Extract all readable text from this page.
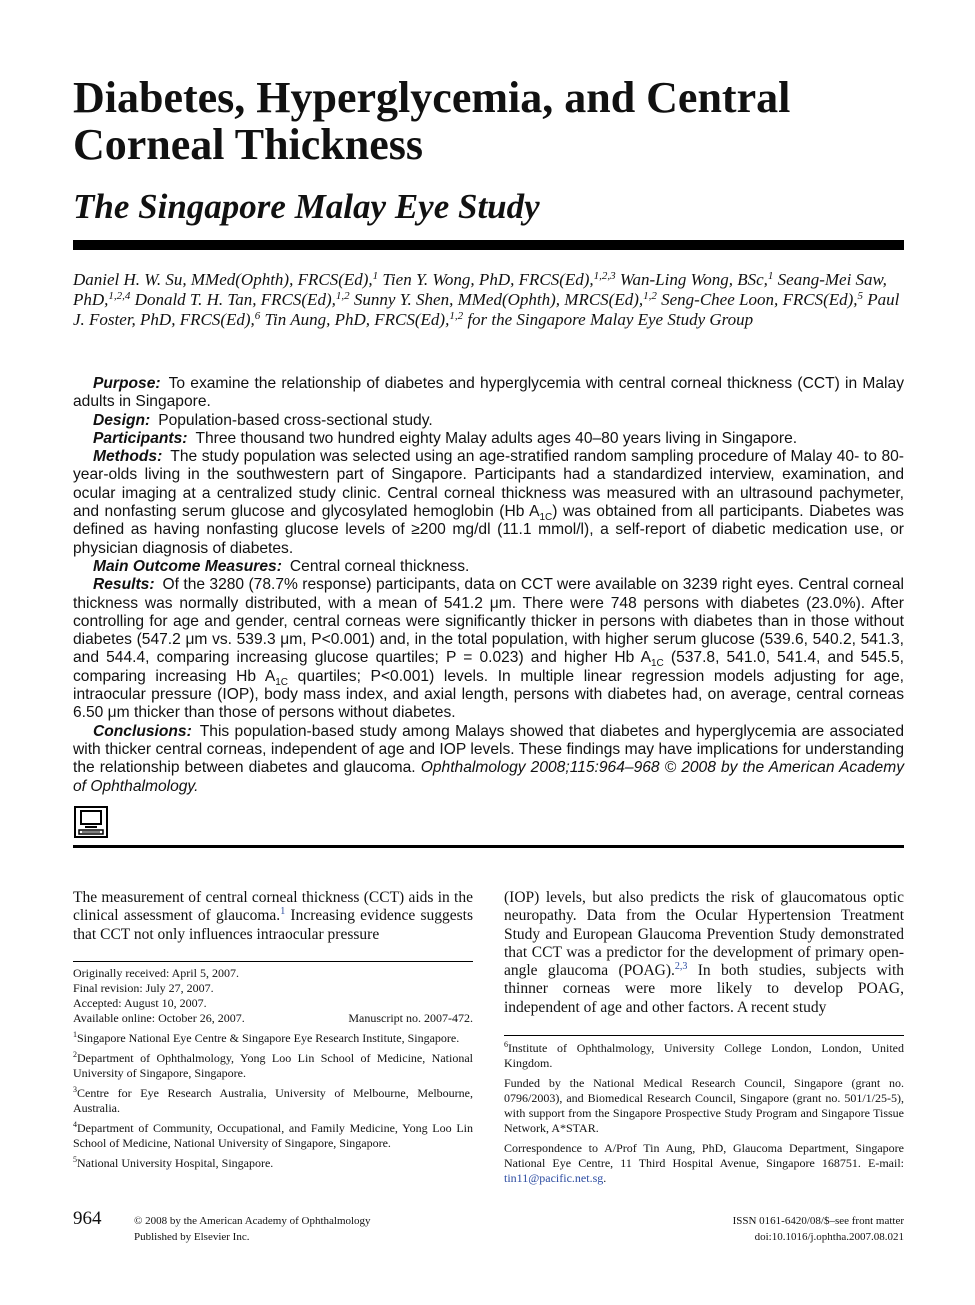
Diabetes, Hyperglycemia, and Central Corneal Thickness
The Singapore Malay Eye Study
Daniel H. W. Su, MMed(Ophth), FRCS(Ed),$^1$ Tien Y. Wong, PhD, FRCS(Ed),$^{1,2,3}$ Wan-Ling Wong, BSc,$^1$ Seang-Mei Saw, PhD,$^{1,2,4}$ Donald T. H. Tan, FRCS(Ed),$^{1,2}$ Sunny Y. Shen, MMed(Ophth), MRCS(Ed),$^{1,2}$ Seng-Chee Loon, FRCS(Ed),$^5$ Paul J. Foster, PhD, FRCS(Ed),$^6$ Tin Aung, PhD, FRCS(Ed),$^{1,2}$ for the Singapore Malay Eye Study Group

Purpose: To examine the relationship of diabetes and hyperglycemia with central corneal thickness (CCT) in Malay adults in Singapore.

Design: Population-based cross-sectional study.

Participants: Three thousand two hundred eighty Malay adults ages 40–80 years living in Singapore.

Methods: The study population was selected using an age-stratified random sampling procedure of Malay 40- to 80-year-olds living in the southwestern part of Singapore. Participants had a standardized interview, examination, and ocular imaging at a centralized study clinic. Central corneal thickness was measured with an ultrasound pachymeter, and nonfasting serum glucose and glycosylated hemoglobin (Hb $A_{1C}$) was obtained from all participants. Diabetes was defined as having nonfasting glucose levels of ≥200 mg/dl (11.1 mmol/l), a self-report of diabetic medication use, or physician diagnosis of diabetes.

Main Outcome Measures: Central corneal thickness.

Results: Of the 3280 (78.7% response) participants, data on CCT were available on 3239 right eyes. Central corneal thickness was normally distributed, with a mean of 541.2 μm. There were 748 persons with diabetes (23.0%). After controlling for age and gender, central corneas were significantly thicker in persons with diabetes than in those without diabetes (547.2 μm vs. 539.3 μm, P<0.001) and, in the total population, with higher serum glucose (539.6, 540.2, 541.3, and 544.4, comparing increasing glucose quartiles; P = 0.023) and higher Hb $A_{1C}$ (537.8, 541.0, 541.4, and 545.5, comparing increasing Hb $A_{1C}$ quartiles; P<0.001) levels. In multiple linear regression models adjusting for age, intraocular pressure (IOP), body mass index, and axial length, persons with diabetes had, on average, central corneas 6.50 μm thicker than those of persons without diabetes.

Conclusions: This population-based study among Malays showed that diabetes and hyperglycemia are associated with thicker central corneas, independent of age and IOP levels. These findings may have implications for understanding the relationship between diabetes and glaucoma. Ophthalmology 2008;115:964–968 © 2008 by the American Academy of Ophthalmology.

The measurement of central corneal thickness (CCT) aids in the clinical assessment of glaucoma.$^1$ Increasing evidence suggests that CCT not only influences intraocular pressure
(IOP) levels, but also predicts the risk of glaucomatous optic neuropathy. Data from the Ocular Hypertension Treatment Study and European Glaucoma Prevention Study demonstrated that CCT was a predictor for the development of primary open-angle glaucoma (POAG).$^{2,3}$ In both studies, subjects with thinner corneas were more likely to develop POAG, independent of age and other factors. A recent study

Originally received: April 5, 2007.

Final revision: July 27, 2007.

Accepted: August 10, 2007.

Available online: October 26, 2007.	Manuscript no. 2007-472.

$^1$Singapore National Eye Centre & Singapore Eye Research Institute, Singapore.

$^2$Department of Ophthalmology, Yong Loo Lin School of Medicine, National University of Singapore, Singapore.

$^3$Centre for Eye Research Australia, University of Melbourne, Melbourne, Australia.

$^4$Department of Community, Occupational, and Family Medicine, Yong Loo Lin School of Medicine, National University of Singapore, Singapore.

$^5$National University Hospital, Singapore.

$^6$Institute of Ophthalmology, University College London, London, United Kingdom.

Funded by the National Medical Research Council, Singapore (grant no. 0796/2003), and Biomedical Research Council, Singapore (grant no. 501/1/25-5), with support from the Singapore Prospective Study Program and Singapore Tissue Network, A*STAR.

Correspondence to A/Prof Tin Aung, PhD, Glaucoma Department, Singapore National Eye Centre, 11 Third Hospital Avenue, Singapore 168751. E-mail: tin11@pacific.net.sg.

964	© 2008 by the American Academy of Ophthalmology
Published by Elsevier Inc.
ISSN 0161-6420/08/$–see front matter
doi:10.1016/j.ophtha.2007.08.021
